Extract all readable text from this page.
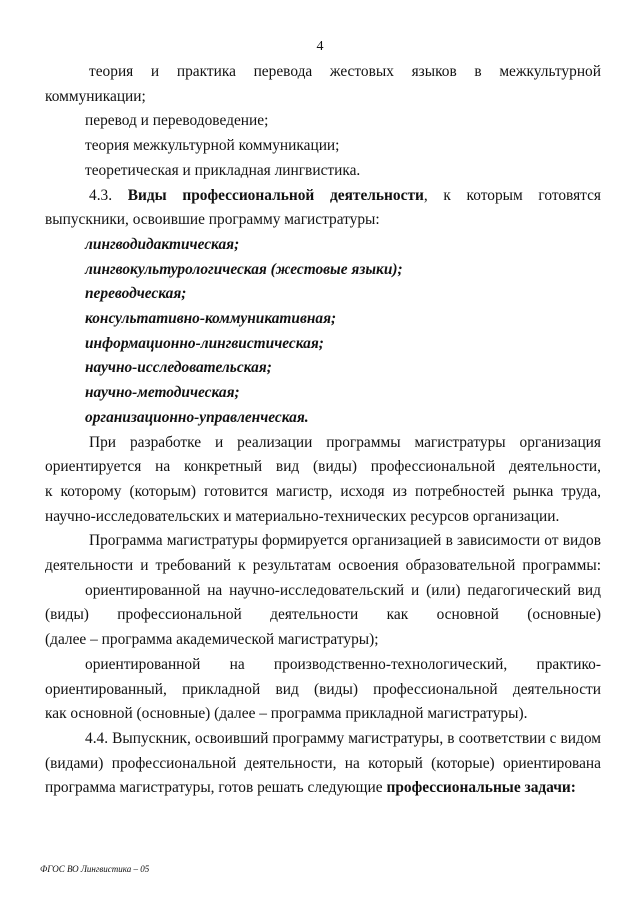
4

теория и практика перевода жестовых языков в межкультурной

коммуникации;

перевод и переводоведение;

теория межкультурной коммуникации;

теоретическая и прикладная лингвистика.

4.3. Виды профессиональной деятельности, к которым готовятся

выпускники, освоившие программу магистратуры:

лингводидактическая;

лингвокультурологическая (жестовые языки);

переводческая;

консультативно-коммуникативная;

информационно-лингвистическая;

научно-исследовательская;

научно-методическая;

организационно-управленческая.

При разработке и реализации программы магистратуры организация

ориентируется на конкретный вид (виды) профессиональной деятельности,

к которому (которым) готовится магистр, исходя из потребностей рынка труда,

научно-исследовательских и материально-технических ресурсов организации.

Программа магистратуры формируется организацией в зависимости от видов

деятельности и требований к результатам освоения образовательной программы:

ориентированной на научно-исследовательский и (или) педагогический вид

(виды) профессиональной деятельности как основной (основные)

(далее – программа академической магистратуры);

ориентированной на производственно-технологический, практико-

ориентированный, прикладной вид (виды) профессиональной деятельности

как основной (основные) (далее – программа прикладной магистратуры).

4.4. Выпускник, освоивший программу магистратуры, в соответствии с видом

(видами) профессиональной деятельности, на который (которые) ориентирована

программа магистратуры, готов решать следующие профессиональные задачи:

ФГОС ВО Лингвистика – 05
